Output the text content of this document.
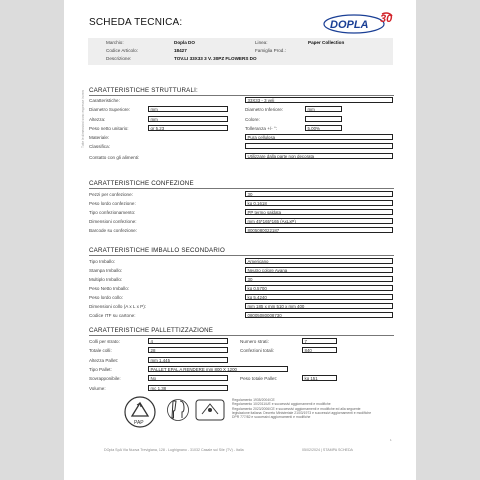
SCHEDA TECNICA:	DOPLA 30
Marchio:	Dopla DO	Linea:	Paper Collection
Codice Articolo:	18427	Famiglia Prod.:
Descrizione:	TOV.LI 33X33 3 V. 30PZ FLOWERS DO
Tutte le dimensioni sono espresse in mm CARATTERISTICHE STRUTTURALI:
Caratteristiche:	33X33 - 3 veli
Diametro Superiore:	mm	Diametro Inferiore:	mm
Altezza:	mm	Colore:
Peso netto unitario:	gr 5,23	Tolleranza +/- °:	5,00%
Materiale:	Pura cellulosa
Classifica:
Contatto con gli alimenti:	Utilizzare dalla parte non decorata
CARATTERISTICHE CONFEZIONE
Pezzi per confezione:	30
Peso lordo confezione:	kg 0,1618
Tipo confezionamento:	PP termo saldata
Dimensioni confezione:	mm 45*165*165 (AxLxP)
Barcode su confezione:	8005080022187
CARATTERISTICHE IMBALLO SECONDARIO
Tipo Imballo:	Americano
Stampa Imballo:	Neutro colore Avana
Multiplo Imballo:	30
Peso Netto Imballo:	kg 0,5700
Peso lordo collo:	kg 5,4240
Dimensioni collo (A x L x P):	mm 185 x mm 510 x mm 400
Codice ITF su cartone:	08005080008730
CARATTERISTICHE PALLETTIZZAZIONE
Colli per strato:	4	Numero strati:	7
Totale colli:	28	Confezioni totali:	840
Altezza Pallet:	mm 1.445
Tipo Pallet:	PALLET EPAL A RENDERE mm 800 X 1200
Sovrapponibile:	No	Peso totale Pallet:	kg 151
Volume:	mc 1,38
PAP
Regolamento 1935/2004/CE
Regolamento 10/2011/UE e successivi aggiornamenti e modifiche
Regolamento 2023/2006/CE e successivi aggiornamenti e modifiche ed alla seguente
legislazione italiana: Decreto Ministeriale 21/03/1973 e successivi aggiornamenti e modifiche
DPR 777/82 e successivi aggiornamenti e modifiche
1
DOpla SpA Via Nuova Trevigiana, 128 - Lughignano - 31032 Casale sul Sile (TV) - Italia	05/02/2024 | STAMPA SCHEDA
